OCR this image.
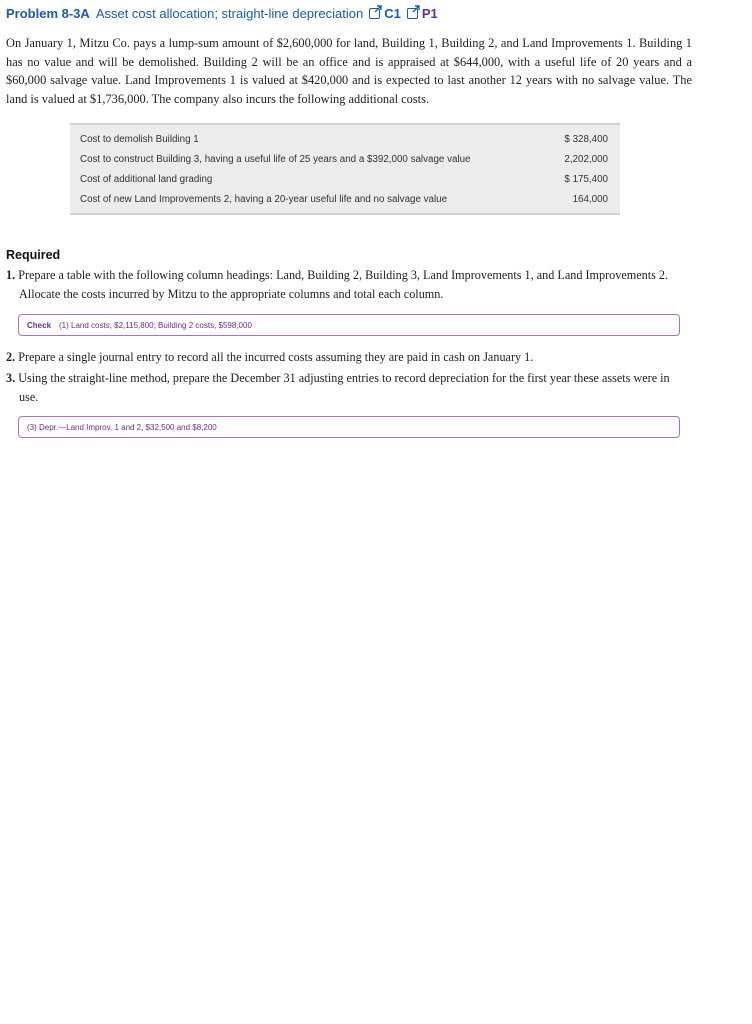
Problem 8-3A Asset cost allocation; straight-line depreciation C1 P1
On January 1, Mitzu Co. pays a lump-sum amount of $2,600,000 for land, Building 1, Building 2, and Land Improvements 1. Building 1 has no value and will be demolished. Building 2 will be an office and is appraised at $644,000, with a useful life of 20 years and a $60,000 salvage value. Land Improvements 1 is valued at $420,000 and is expected to last another 12 years with no salvage value. The land is valued at $1,736,000. The company also incurs the following additional costs.
Cost to demolish Building 1	$ 328,400
Cost to construct Building 3, having a useful life of 25 years and a $392,000 salvage value	2,202,000
Cost of additional land grading	$ 175,400
Cost of new Land Improvements 2, having a 20-year useful life and no salvage value	164,000
Required
1. Prepare a table with the following column headings: Land, Building 2, Building 3, Land Improvements 1, and Land Improvements 2.
Allocate the costs incurred by Mitzu to the appropriate columns and total each column.
Check (1) Land costs, $2,115,800; Building 2 costs, $598,000
2. Prepare a single journal entry to record all the incurred costs assuming they are paid in cash on January 1.
3. Using the straight-line method, prepare the December 31 adjusting entries to record depreciation for the first year these assets were in
use.
(3) Depr.—Land Improv. 1 and 2, $32,500 and $8,200
